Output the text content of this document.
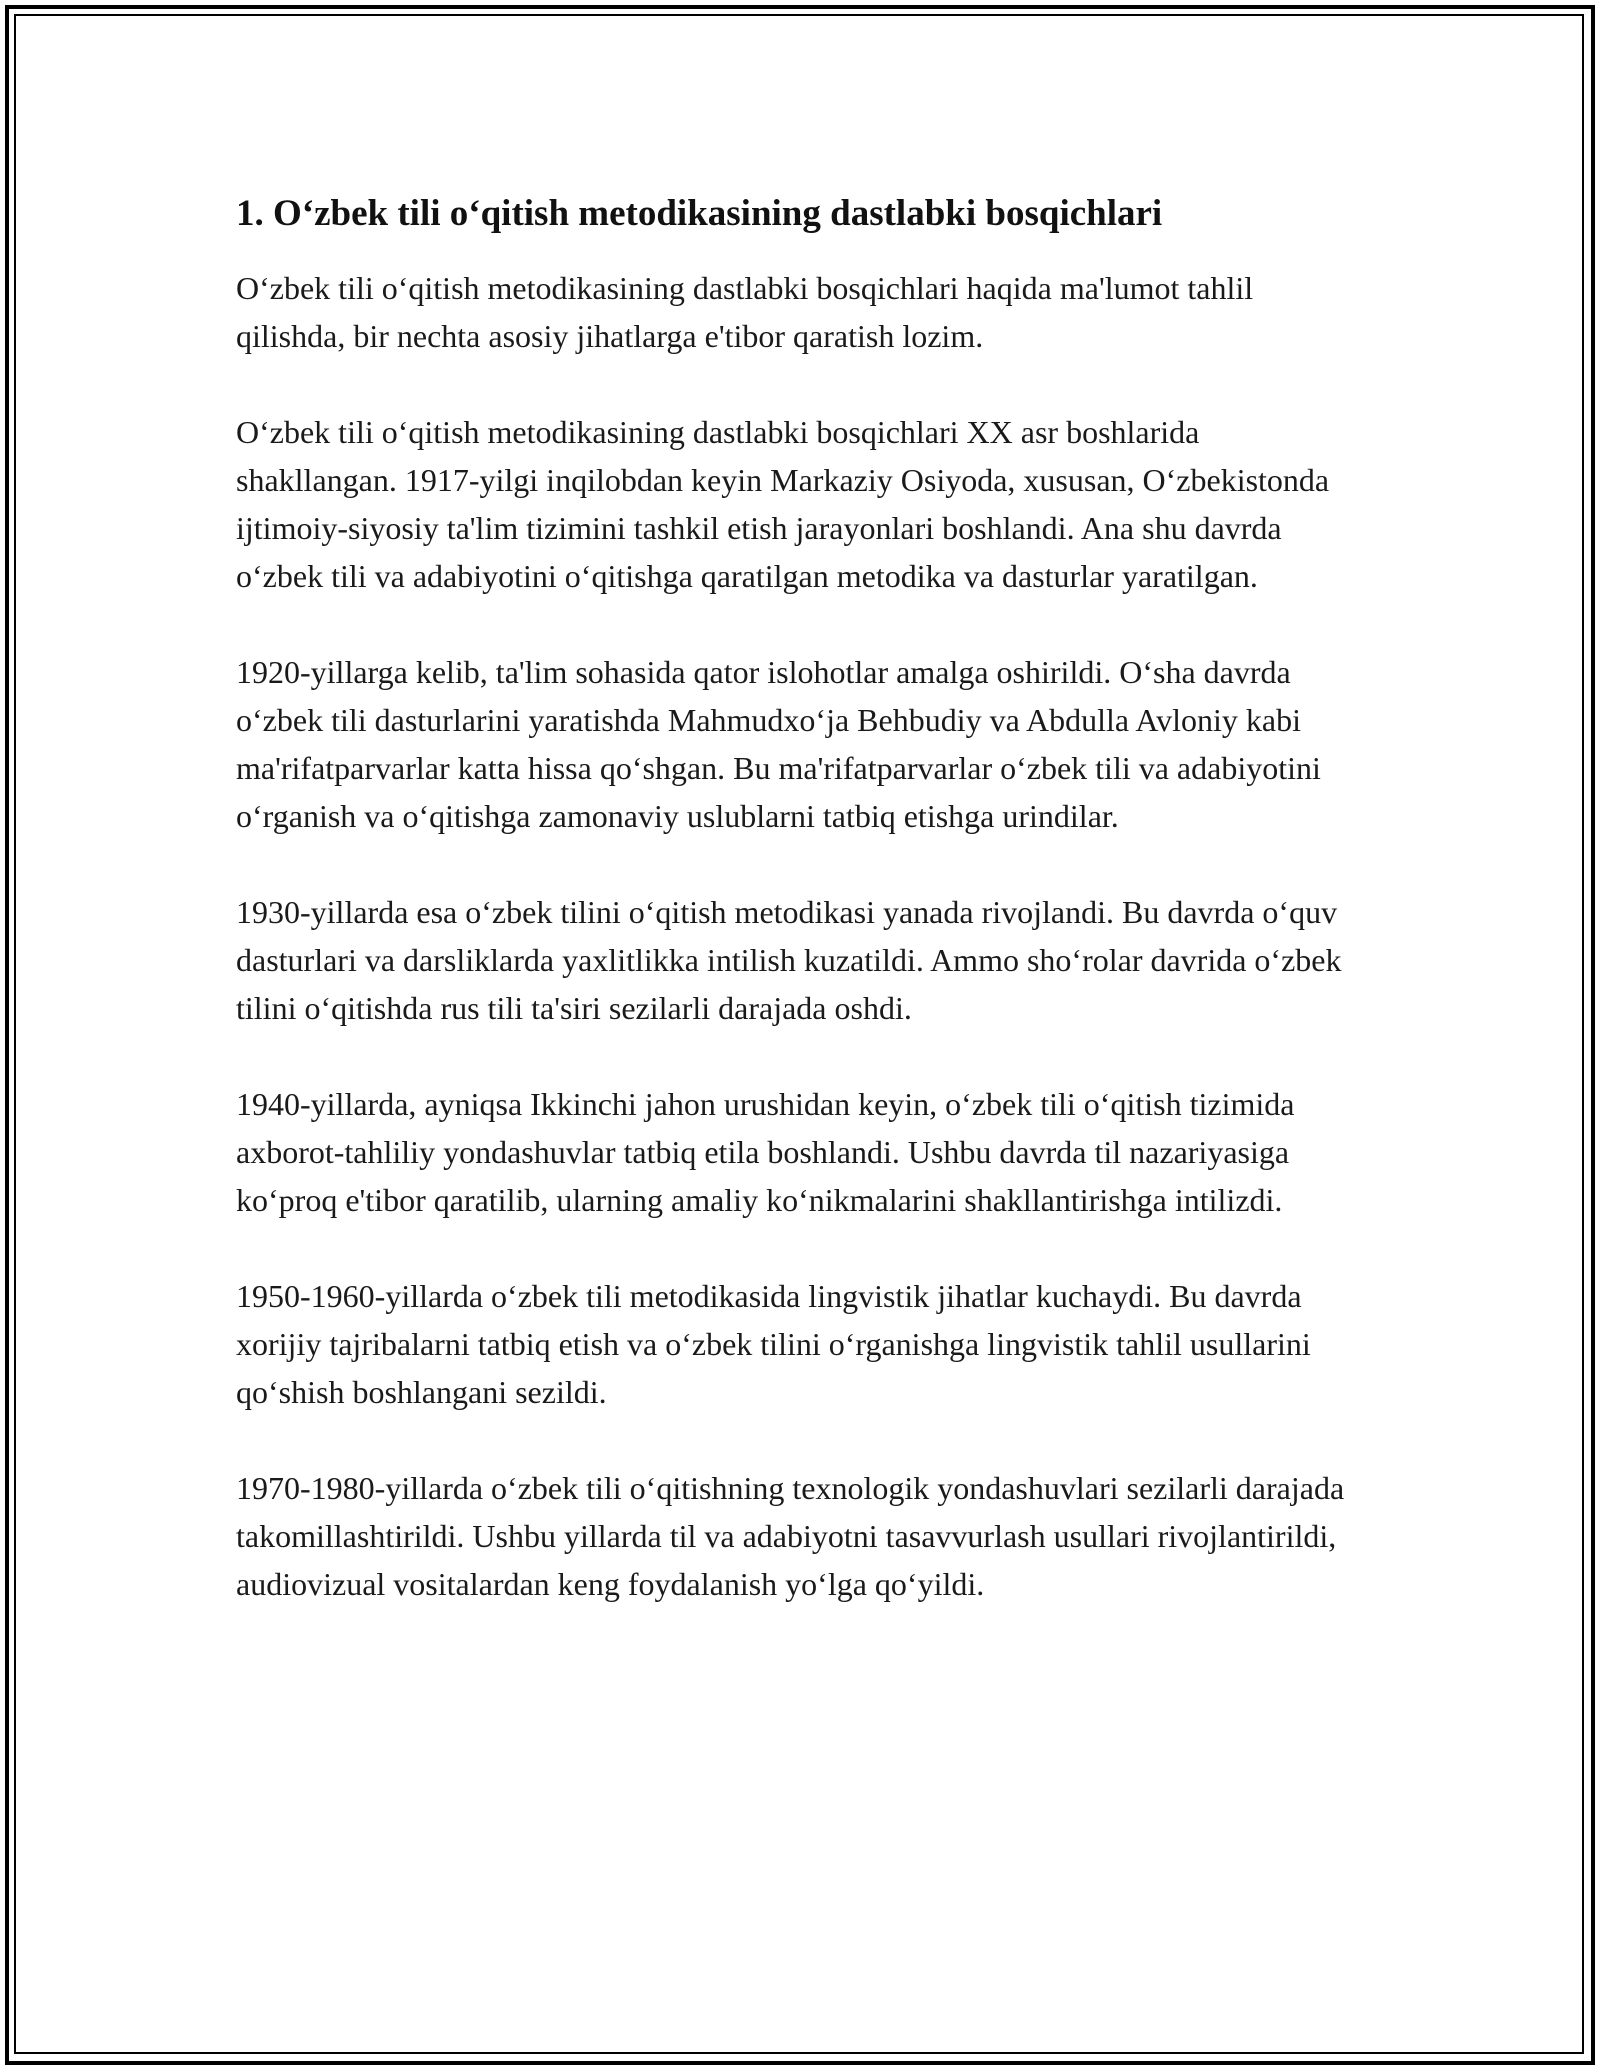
1. O‘zbek tili o‘qitish metodikasining dastlabki bosqichlari

O‘zbek tili o‘qitish metodikasining dastlabki bosqichlari haqida ma'lumot tahlil qilishda, bir nechta asosiy jihatlarga e'tibor qaratish lozim.

O‘zbek tili o‘qitish metodikasining dastlabki bosqichlari XX asr boshlarida shakllangan. 1917-yilgi inqilobdan keyin Markaziy Osiyoda, xususan, O‘zbekistonda ijtimoiy-siyosiy ta'lim tizimini tashkil etish jarayonlari boshlandi. Ana shu davrda o‘zbek tili va adabiyotini o‘qitishga qaratilgan metodika va dasturlar yaratilgan.

1920-yillarga kelib, ta'lim sohasida qator islohotlar amalga oshirildi. O‘sha davrda o‘zbek tili dasturlarini yaratishda Mahmudxo‘ja Behbudiy va Abdulla Avloniy kabi ma'rifatparvarlar katta hissa qo‘shgan. Bu ma'rifatparvarlar o‘zbek tili va adabiyotini o‘rganish va o‘qitishga zamonaviy uslublarni tatbiq etishga urindilar.

1930-yillarda esa o‘zbek tilini o‘qitish metodikasi yanada rivojlandi. Bu davrda o‘quv dasturlari va darsliklarda yaxlitlikka intilish kuzatildi. Ammo sho‘rolar davrida o‘zbek tilini o‘qitishda rus tili ta'siri sezilarli darajada oshdi.

1940-yillarda, ayniqsa Ikkinchi jahon urushidan keyin, o‘zbek tili o‘qitish tizimida axborot-tahliliy yondashuvlar tatbiq etila boshlandi. Ushbu davrda til nazariyasiga ko‘proq e'tibor qaratilib, ularning amaliy ko‘nikmalarini shakllantirishga intilizdi.

1950-1960-yillarda o‘zbek tili metodikasida lingvistik jihatlar kuchaydi. Bu davrda xorijiy tajribalarni tatbiq etish va o‘zbek tilini o‘rganishga lingvistik tahlil usullarini qo‘shish boshlangani sezildi.

1970-1980-yillarda o‘zbek tili o‘qitishning texnologik yondashuvlari sezilarli darajada takomillashtirildi. Ushbu yillarda til va adabiyotni tasavvurlash usullari rivojlantirildi, audiovizual vositalardan keng foydalanish yo‘lga qo‘yildi.
